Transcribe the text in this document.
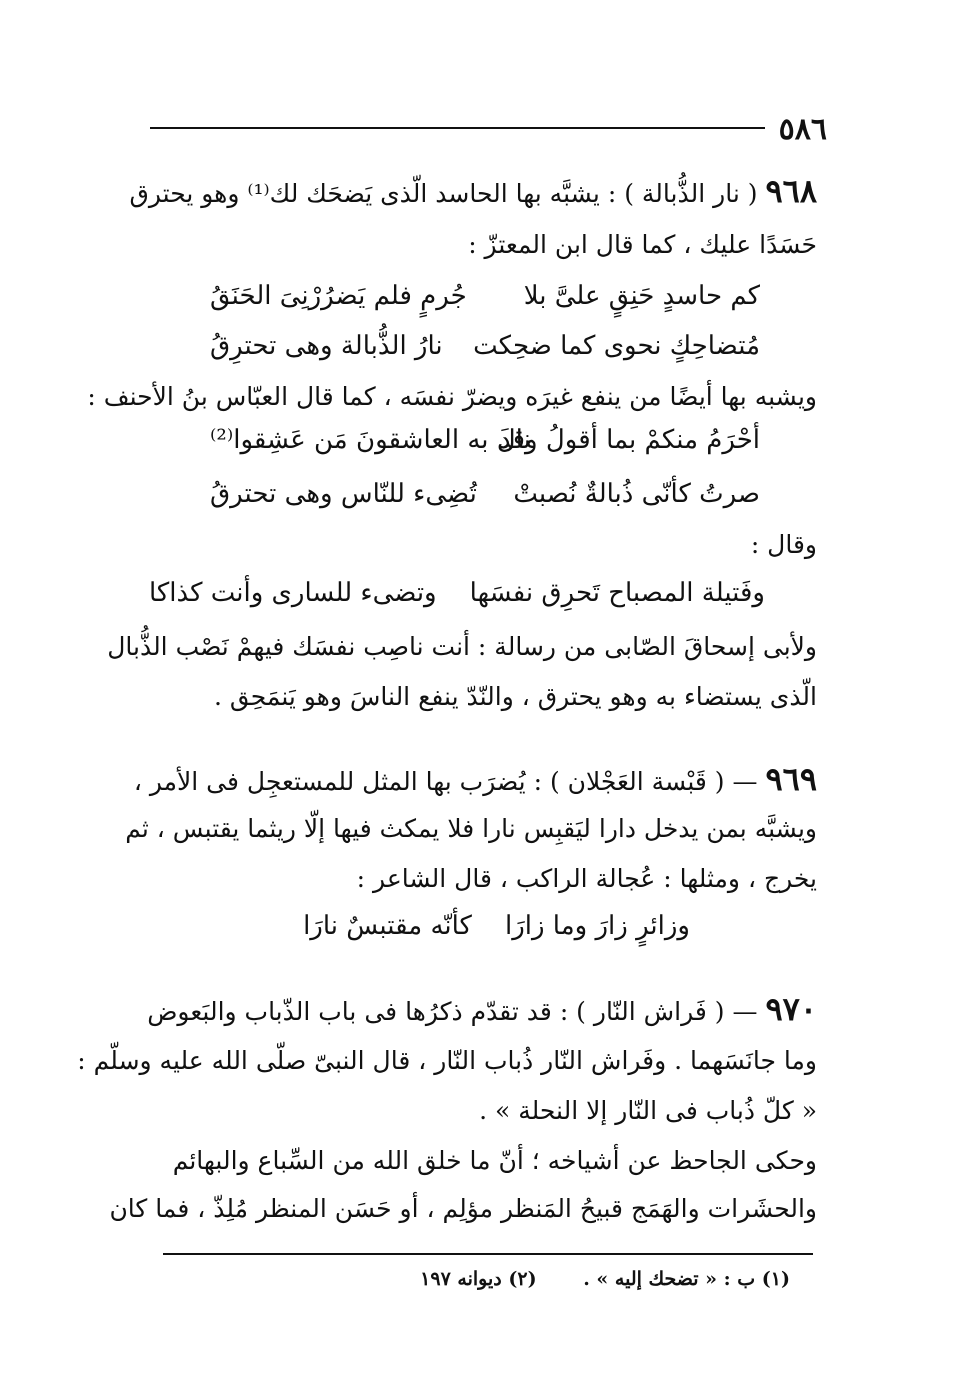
٥٨٦
٩٦٨ ( نار الذُّبالة ) : يشبَّه بها الحاسد الّذى يَضحَك لك⁽¹⁾ وهو يحترق
حَسَدًا عليك ، كما قال ابن المعتزّ :
كم حاسدٍ حَنِقٍ علىَّ بلا
جُرمٍ فلم يَضرُرْنِىَ الحَنَقُ
مُتضاحِكٍ نحوى كما ضحِكت
نارُ الذُّبالة وهى تحترِقُ
ويشبه بها أيضًا من ينفع غيرَه ويضرّ نفسَه ، كما قال العبّاس بنُ الأحنف :
أحْرَمُ منكمْ بما أقولُ وقد
نالَ به العاشقونَ مَن عَشِقوا⁽²⁾
صرتُ كأنّى ذُبالةٌ نُصبتْ
تُضِىء للنّاس وهى تحترقُ
وقال :
وفَتيلة المصباح تَحرِق نفسَها    وتضىء للسارى وأنت كذاكا
ولأبى إسحاقَ الصّابى من رسالة : أنت ناصِب نفسَك فيهمْ نَصْب الذُّبال
الّذى يستضاء به وهو يحترق ، والنّدّ ينفع الناسَ وهو يَنمَحِق .
٩٦٩ — ( قَبْسة العَجْلان ) : يُضرَب بها المثل للمستعجِل فى الأمر ،
ويشبَّه بمن يدخل دارا ليَقبِس نارا فلا يمكث فيها إلّا ريثما يقتبس ، ثم
يخرج ، ومثلها : عُجالة الراكب ، قال الشاعر :
وزائرٍ زارَ وما زارَا    كأنّه مقتبسٌ نارَا
٩٧٠ — ( فَراش النّار ) : قد تقدّم ذكرُها فى باب الذّباب والبَعوض
وما جانَسَهما . وفَراش النّار ذُباب النّار ، قال النبىّ صلّى الله عليه وسلّم :
« كلّ ذُباب فى النّار إلا النحلة » .
وحكى الجاحظ عن أشياخه ؛ أنّ ما خلق الله من السِّباع والبهائم
والحشَرات والهَمَج قبيحُ المَنظر مؤلِم ، أو حَسَن المنظر مُلِذّ ، فما كان
(١) ب : « تضحك إليه » . (٢) ديوانه ١٩٧
